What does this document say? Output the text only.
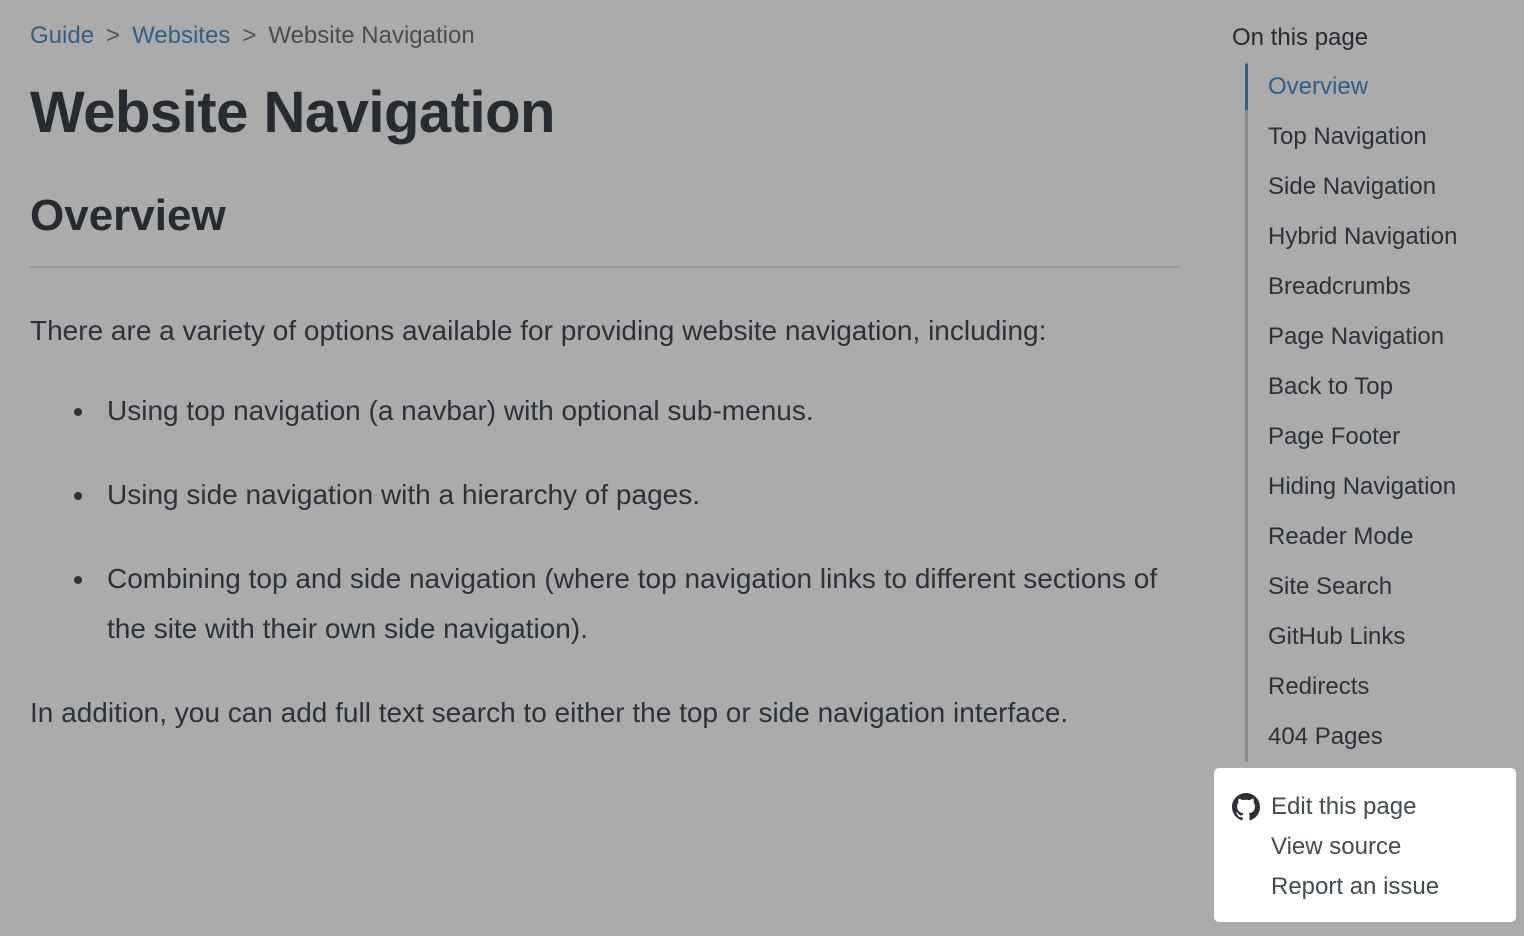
Guide > Websites > Website Navigation
Website Navigation
Overview

There are a variety of options available for providing website navigation, including:

• Using top navigation (a navbar) with optional sub-menus.
• Using side navigation with a hierarchy of pages.
• Combining top and side navigation (where top navigation links to different sections of the site with their own side navigation).

In addition, you can add full text search to either the top or side navigation interface.

On this page
Overview
Top Navigation
Side Navigation
Hybrid Navigation
Breadcrumbs
Page Navigation
Back to Top
Page Footer
Hiding Navigation
Reader Mode
Site Search
GitHub Links
Redirects
404 Pages
Edit this page
View source
Report an issue
